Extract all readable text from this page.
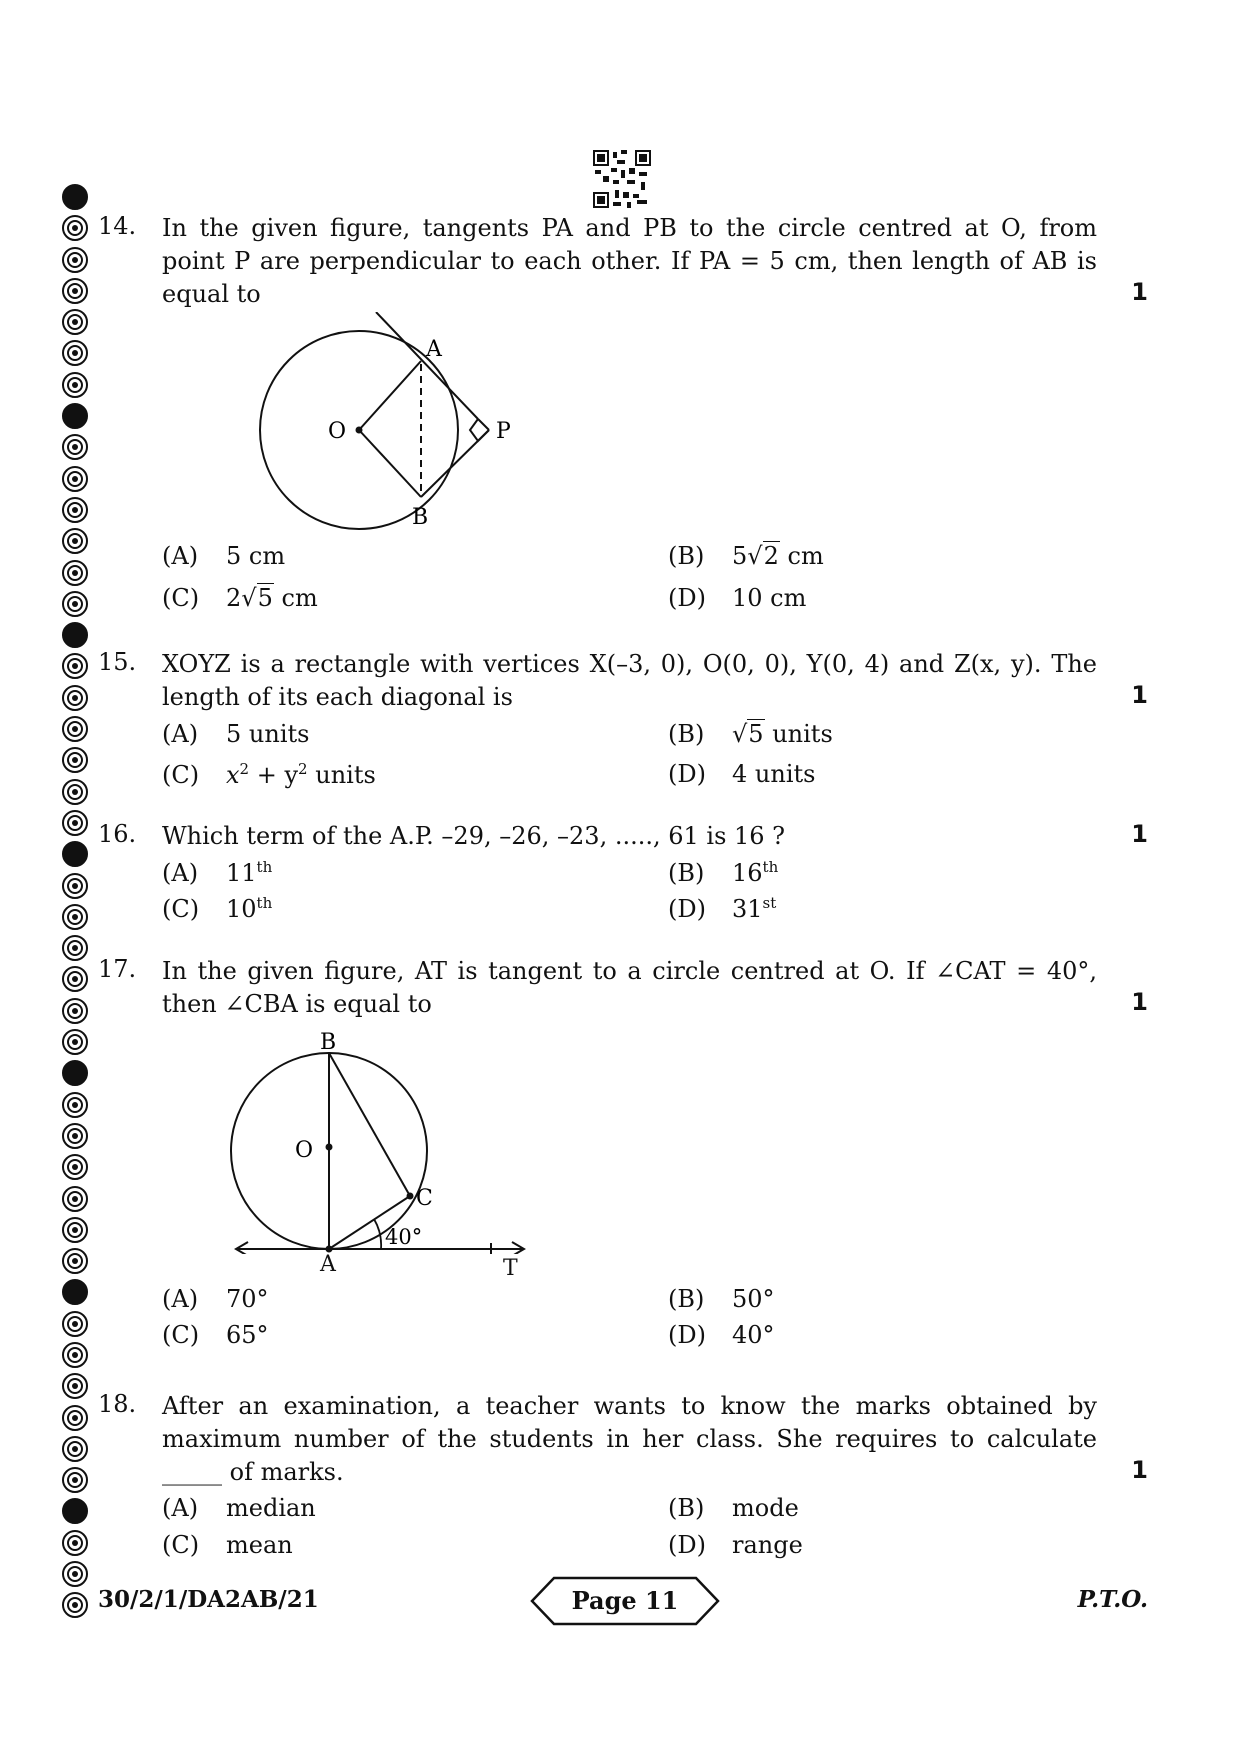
14. In the given figure, tangents PA and PB to the circle centred at O, from point P are perpendicular to each other. If PA = 5 cm, then length of AB is equal to	1
A
O	P
B
(A) 5 cm	(B) 5√2 cm
(C) 2√5 cm	(D) 10 cm
15. XOYZ is a rectangle with vertices X(–3, 0), O(0, 0), Y(0, 4) and Z(x, y). The length of its each diagonal is	1
(A) 5 units	(B) √5 units
(C) $x^2 + y^2$ units	(D) 4 units
16. Which term of the A.P. –29, –26, –23, ....., 61 is 16 ?	1
(A) 11th	(B) 16th
(C) 10th	(D) 31st
17. In the given figure, AT is tangent to a circle centred at O. If ∠CAT = 40°, then ∠CBA is equal to	1
B
O
C
40°
A	T
(A) 70°	(B) 50°
(C) 65°	(D) 40°
18. After an examination, a teacher wants to know the marks obtained by maximum number of the students in her class. She requires to calculate _____ of marks.	1
(A) median	(B) mode
(C) mean	(D) range
30/2/1/DA2AB/21	Page 11	P.T.O.
